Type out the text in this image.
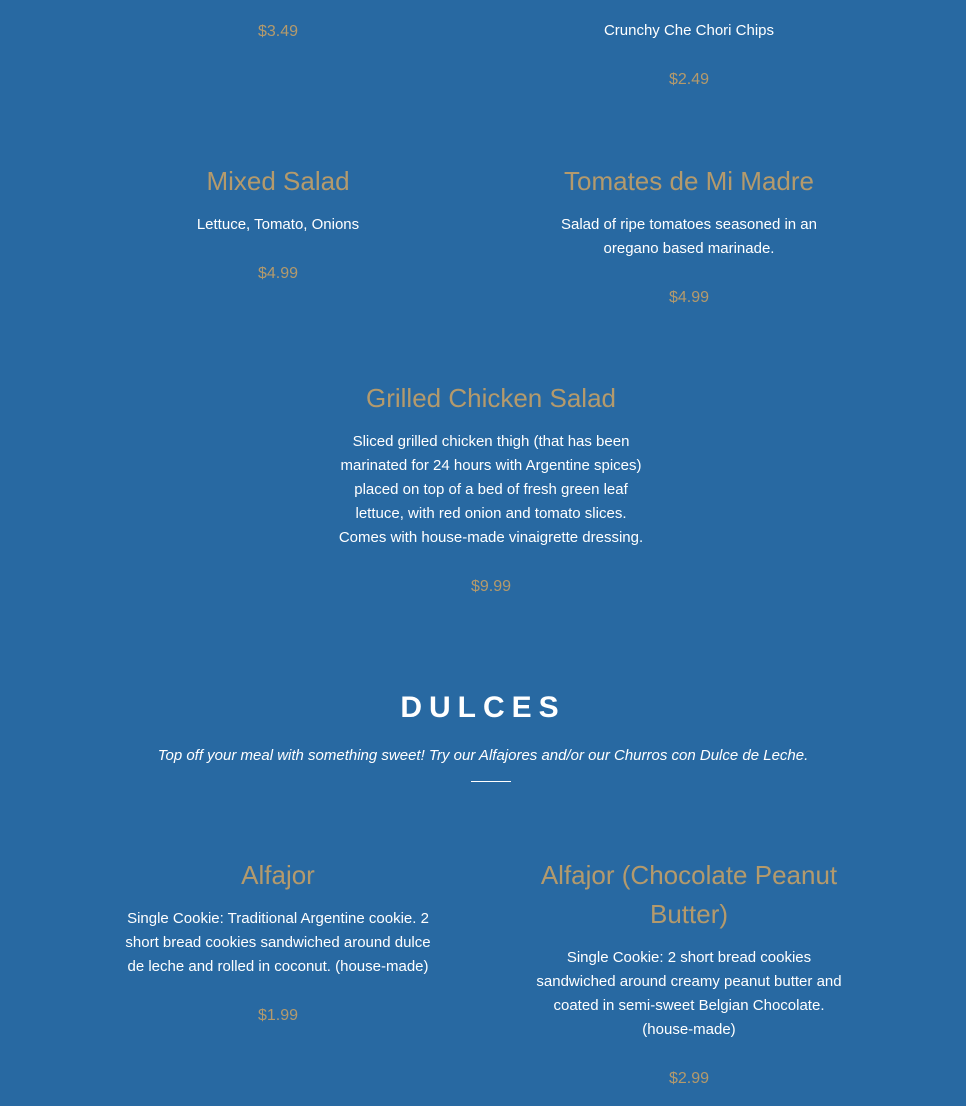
$3.49	Crunchy Che Chori Chips

$2.49

Mixed Salad

Lettuce, Tomato, Onions

$4.99

Tomates de Mi Madre

Salad of ripe tomatoes seasoned in an oregano based marinade.

$4.99

Grilled Chicken Salad

Sliced grilled chicken thigh (that has been marinated for 24 hours with Argentine spices) placed on top of a bed of fresh green leaf lettuce, with red onion and tomato slices. Comes with house-made vinaigrette dressing.

$9.99

DULCES

Top off your meal with something sweet! Try our Alfajores and/or our Churros con Dulce de Leche.

Alfajor

Single Cookie: Traditional Argentine cookie. 2 short bread cookies sandwiched around dulce de leche and rolled in coconut. (house-made)

$1.99

Alfajor (Chocolate Peanut Butter)

Single Cookie: 2 short bread cookies sandwiched around creamy peanut butter and coated in semi-sweet Belgian Chocolate. (house-made)

$2.99
